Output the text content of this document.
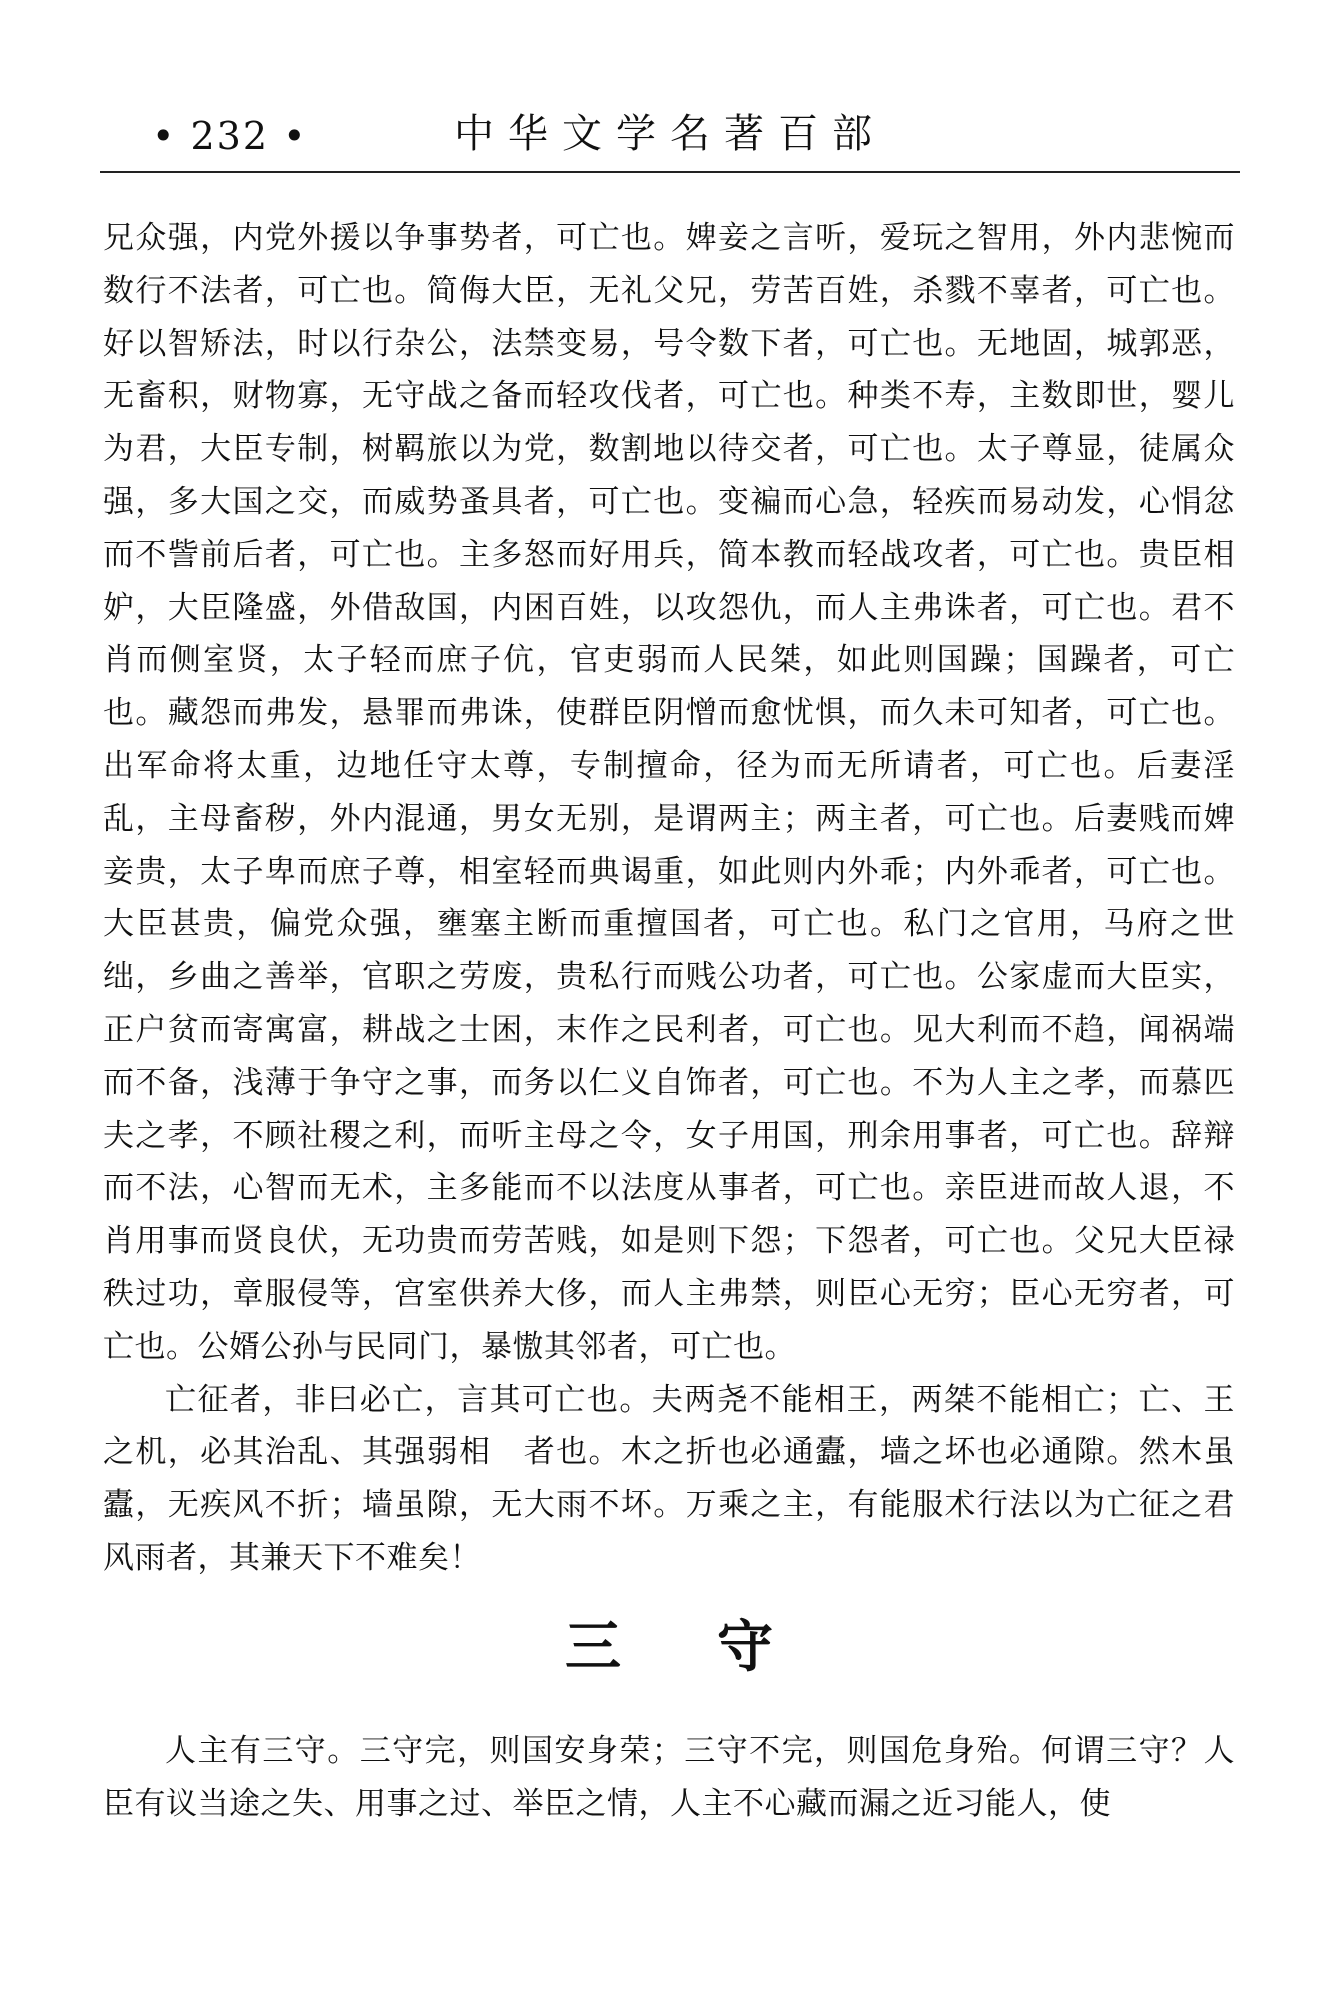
• 232 •	中华文学名著百部

兄众强，内党外援以争事势者，可亡也。婢妾之言听，爱玩之智用，外内悲惋而数行不法者，可亡也。简侮大臣，无礼父兄，劳苦百姓，杀戮不辜者，可亡也。好以智矫法，时以行杂公，法禁变易，号令数下者，可亡也。无地固，城郭恶，无畜积，财物寡，无守战之备而轻攻伐者，可亡也。种类不寿，主数即世，婴儿为君，大臣专制，树羁旅以为党，数割地以待交者，可亡也。太子尊显，徒属众强，多大国之交，而威势蚤具者，可亡也。变褊而心急，轻疾而易动发，心悁忿而不訾前后者，可亡也。主多怒而好用兵，简本教而轻战攻者，可亡也。贵臣相妒，大臣隆盛，外借敌国，内困百姓，以攻怨仇，而人主弗诛者，可亡也。君不肖而侧室贤，太子轻而庶子伉，官吏弱而人民桀，如此则国躁；国躁者，可亡也。藏怨而弗发，悬罪而弗诛，使群臣阴憎而愈忧惧，而久未可知者，可亡也。出军命将太重，边地任守太尊，专制擅命，径为而无所请者，可亡也。后妻淫乱，主母畜秽，外内混通，男女无别，是谓两主；两主者，可亡也。后妻贱而婢妾贵，太子卑而庶子尊，相室轻而典谒重，如此则内外乖；内外乖者，可亡也。大臣甚贵，偏党众强，壅塞主断而重擅国者，可亡也。私门之官用，马府之世绌，乡曲之善举，官职之劳废，贵私行而贱公功者，可亡也。公家虚而大臣实，正户贫而寄寓富，耕战之士困，末作之民利者，可亡也。见大利而不趋，闻祸端而不备，浅薄于争守之事，而务以仁义自饰者，可亡也。不为人主之孝，而慕匹夫之孝，不顾社稷之利，而听主母之令，女子用国，刑余用事者，可亡也。辞辩而不法，心智而无术，主多能而不以法度从事者，可亡也。亲臣进而故人退，不肖用事而贤良伏，无功贵而劳苦贱，如是则下怨；下怨者，可亡也。父兄大臣禄秩过功，章服侵等，宫室供养大侈，而人主弗禁，则臣心无穷；臣心无穷者，可亡也。公婿公孙与民同门，暴慠其邻者，可亡也。

亡征者，非曰必亡，言其可亡也。夫两尧不能相王，两桀不能相亡；亡、王之机，必其治乱、其强弱相　者也。木之折也必通蠹，墙之坏也必通隙。然木虽蠹，无疾风不折；墙虽隙，无大雨不坏。万乘之主，有能服术行法以为亡征之君风雨者，其兼天下不难矣！

三守

人主有三守。三守完，则国安身荣；三守不完，则国危身殆。何谓三守？人臣有议当途之失、用事之过、举臣之情，人主不心藏而漏之近习能人，使
